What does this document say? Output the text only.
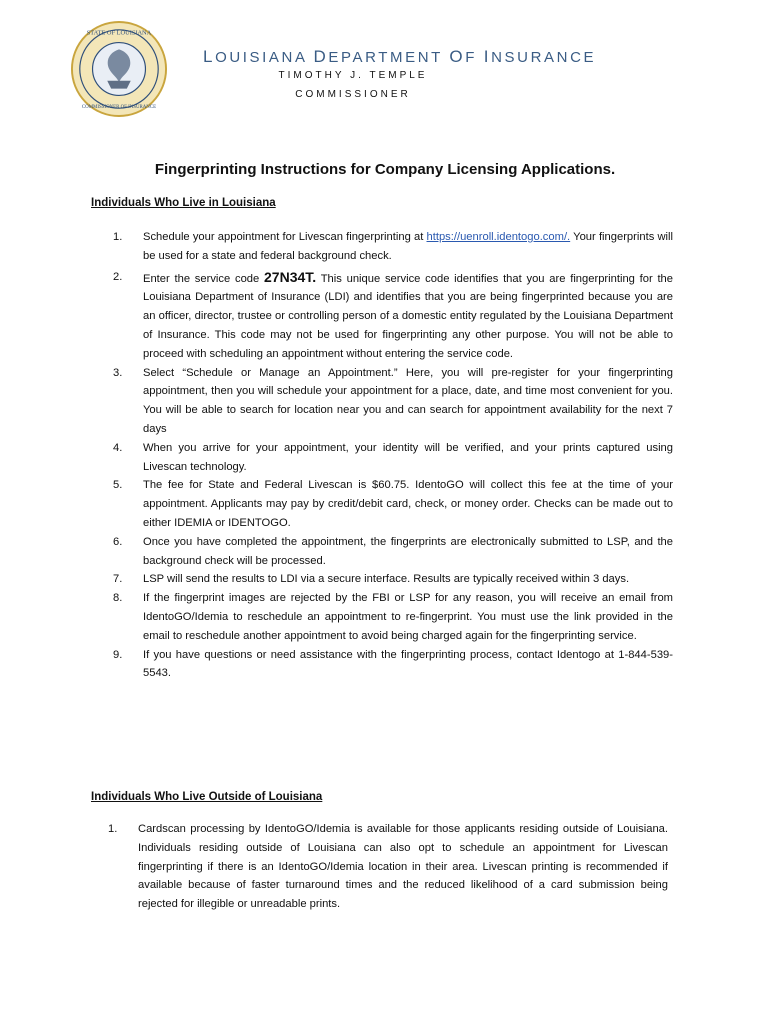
STATE OF LOUISIANA
COMMISSIONER OF INSURANCE
LOUISIANA DEPARTMENT OF INSURANCE
TIMOTHY J. TEMPLE
COMMISSIONER
Fingerprinting Instructions for Company Licensing Applications.
Individuals Who Live in Louisiana
1.	Schedule your appointment for Livescan fingerprinting at https://uenroll.identogo.com/. Your fingerprints will be used for a state and federal background check.
2.	Enter the service code 27N34T. This unique service code identifies that you are fingerprinting for the Louisiana Department of Insurance (LDI) and identifies that you are being fingerprinted because you are an officer, director, trustee or controlling person of a domestic entity regulated by the Louisiana Department of Insurance. This code may not be used for fingerprinting any other purpose. You will not be able to proceed with scheduling an appointment without entering the service code.
3.	Select “Schedule or Manage an Appointment.” Here, you will pre-register for your fingerprinting appointment, then you will schedule your appointment for a place, date, and time most convenient for you. You will be able to search for location near you and can search for appointment availability for the next 7 days
4.	When you arrive for your appointment, your identity will be verified, and your prints captured using Livescan technology.
5.	The fee for State and Federal Livescan is $60.75. IdentoGO will collect this fee at the time of your appointment. Applicants may pay by credit/debit card, check, or money order. Checks can be made out to either IDEMIA or IDENTOGO.
6.	Once you have completed the appointment, the fingerprints are electronically submitted to LSP, and the background check will be processed.
7.	LSP will send the results to LDI via a secure interface. Results are typically received within 3 days.
8.	If the fingerprint images are rejected by the FBI or LSP for any reason, you will receive an email from IdentoGO/Idemia to reschedule an appointment to re-fingerprint. You must use the link provided in the email to reschedule another appointment to avoid being charged again for the fingerprinting service.
9.	If you have questions or need assistance with the fingerprinting process, contact Identogo at 1-844-539-5543.
Individuals Who Live Outside of Louisiana
1.	Cardscan processing by IdentoGO/Idemia is available for those applicants residing outside of Louisiana. Individuals residing outside of Louisiana can also opt to schedule an appointment for Livescan fingerprinting if there is an IdentoGO/Idemia location in their area. Livescan printing is recommended if available because of faster turnaround times and the reduced likelihood of a card submission being rejected for illegible or unreadable prints.
